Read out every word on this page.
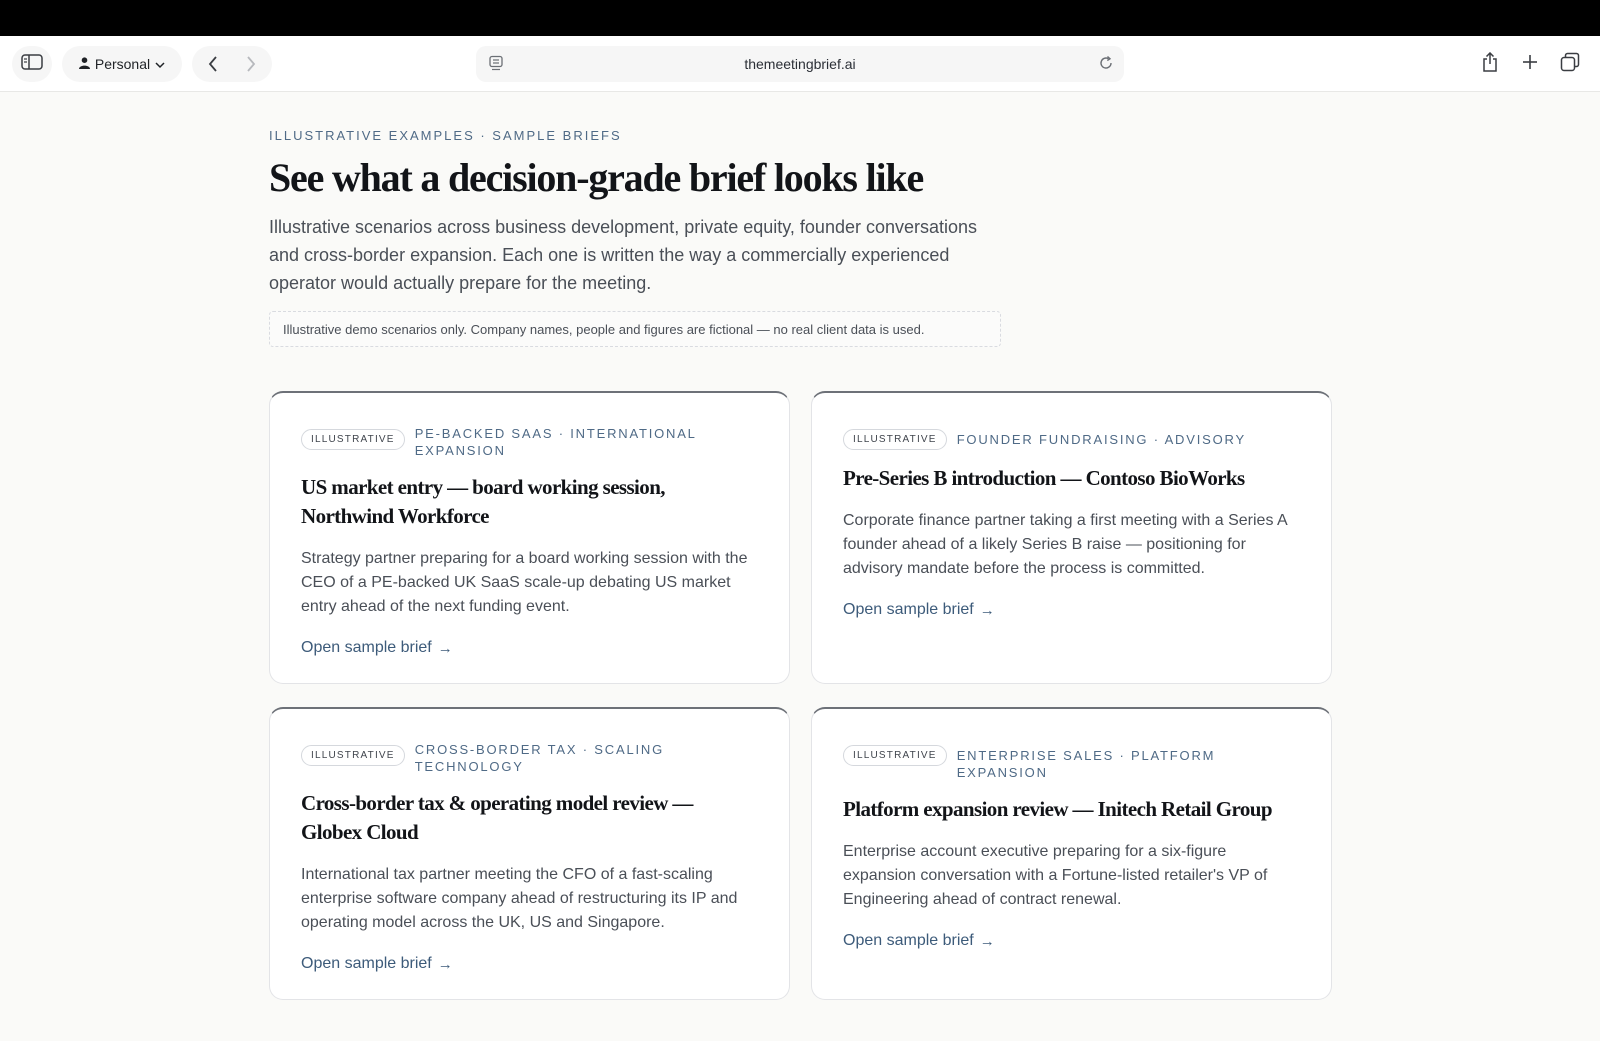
Personal	themeetingbrief.ai
ILLUSTRATIVE EXAMPLES · SAMPLE BRIEFS
See what a decision-grade brief looks like

Illustrative scenarios across business development, private equity, founder conversations and cross-border expansion. Each one is written the way a commercially experienced operator would actually prepare for the meeting.

Illustrative demo scenarios only. Company names, people and figures are fictional — no real client data is used.
ILLUSTRATIVE	PE-BACKED SAAS · INTERNATIONAL EXPANSION
US market entry — board working session, Northwind Workforce
Strategy partner preparing for a board working session with the CEO of a PE-backed UK SaaS scale-up debating US market entry ahead of the next funding event.
Open sample brief →
ILLUSTRATIVE	FOUNDER FUNDRAISING · ADVISORY
Pre-Series B introduction — Contoso BioWorks
Corporate finance partner taking a first meeting with a Series A founder ahead of a likely Series B raise — positioning for advisory mandate before the process is committed.
Open sample brief →
ILLUSTRATIVE	CROSS-BORDER TAX · SCALING TECHNOLOGY
Cross-border tax & operating model review — Globex Cloud
International tax partner meeting the CFO of a fast-scaling enterprise software company ahead of restructuring its IP and operating model across the UK, US and Singapore.
Open sample brief →
ILLUSTRATIVE	ENTERPRISE SALES · PLATFORM EXPANSION
Platform expansion review — Initech Retail Group
Enterprise account executive preparing for a six-figure expansion conversation with a Fortune-listed retailer's VP of Engineering ahead of contract renewal.
Open sample brief →
